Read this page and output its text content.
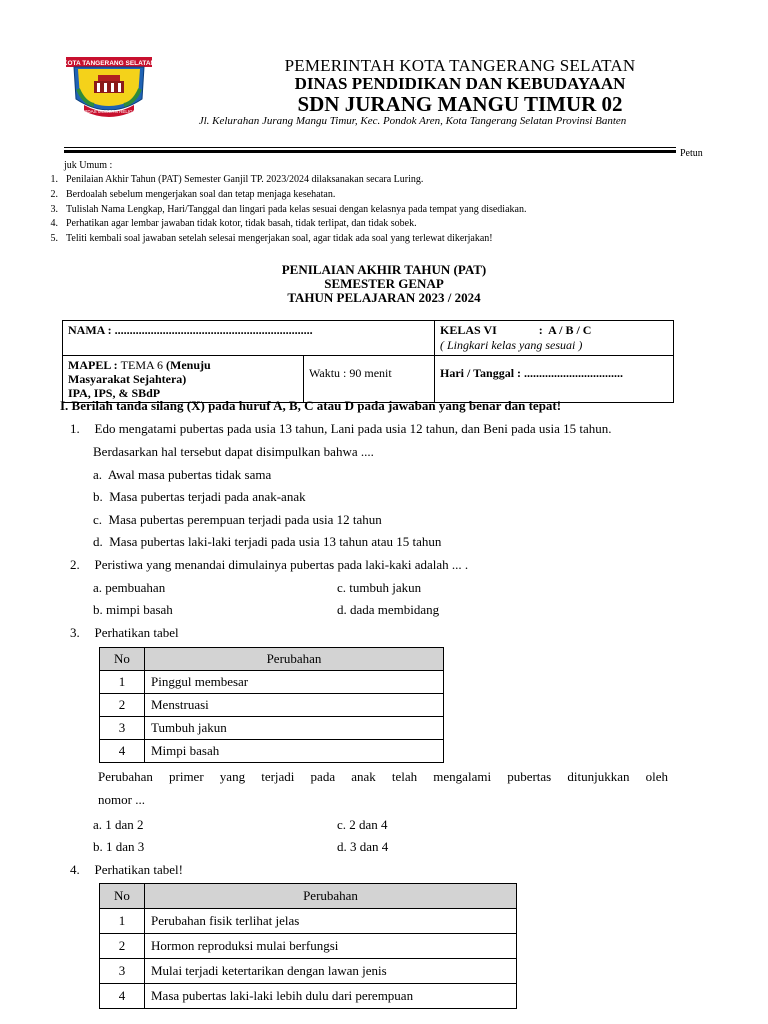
KOTA TANGERANG SELATAN
CERDAS MODERN RELIGIUS
PEMERINTAH KOTA TANGERANG SELATAN
DINAS PENDIDIKAN DAN KEBUDAYAAN
SDN JURANG MANGU TIMUR 02
Jl. Kelurahan Jurang Mangu Timur, Kec. Pondok Aren, Kota Tangerang Selatan Provinsi Banten
Petun
juk Umum :
1. Penilaian Akhir Tahun (PAT) Semester Ganjil TP. 2023/2024 dilaksanakan secara Luring.
2. Berdoalah sebelum mengerjakan soal dan tetap menjaga kesehatan.
3. Tulislah Nama Lengkap, Hari/Tanggal dan lingari pada kelas sesuai dengan kelasnya pada tempat yang disediakan.
4. Perhatikan agar lembar jawaban tidak kotor, tidak basah, tidak terlipat, dan tidak sobek.
5. Teliti kembali soal jawaban setelah selesai mengerjakan soal, agar tidak ada soal yang terlewat dikerjakan!
PENILAIAN AKHIR TAHUN (PAT)
SEMESTER GENAP
TAHUN PELAJARAN 2023 / 2024
NAMA : ..................................................................		KELAS VI              :  A / B / C
( Lingkari kelas yang sesuai )

MAPEL : TEMA 6 (Menuju
Masyarakat Sejahtera)
IPA, IPS, & SBdP	Waktu : 90 menit	Hari / Tanggal : .................................
I. Berilah tanda silang (X) pada huruf A, B, C atau D pada jawaban yang benar dan tepat!
1. Edo mengatami pubertas pada usia 13 tahun, Lani pada usia 12 tahun, dan Beni pada usia 15 tahun.
Berdasarkan hal tersebut dapat disimpulkan bahwa ....
a. Awal masa pubertas tidak sama
b. Masa pubertas terjadi pada anak-anak
c. Masa pubertas perempuan terjadi pada usia 12 tahun
d. Masa pubertas laki-laki terjadi pada usia 13 tahun atau 15 tahun
2. Peristiwa yang menandai dimulainya pubertas pada laki-kaki adalah ... .
a. pembuahan	c. tumbuh jakun
b. mimpi basah	d. dada membidang
3. Perhatikan tabel
No	Perubahan
1	Pinggul membesar
2	Menstruasi
3	Tumbuh jakun
4	Mimpi basah
Perubahan primer yang terjadi pada anak telah mengalami pubertas ditunjukkan oleh
nomor ...
a. 1 dan 2	c. 2 dan 4
b. 1 dan 3	d. 3 dan 4
4. Perhatikan tabel!
No	Perubahan
1	Perubahan fisik terlihat jelas
2	Hormon reproduksi mulai berfungsi
3	Mulai terjadi ketertarikan dengan lawan jenis
4	Masa pubertas laki-laki lebih dulu dari perempuan
